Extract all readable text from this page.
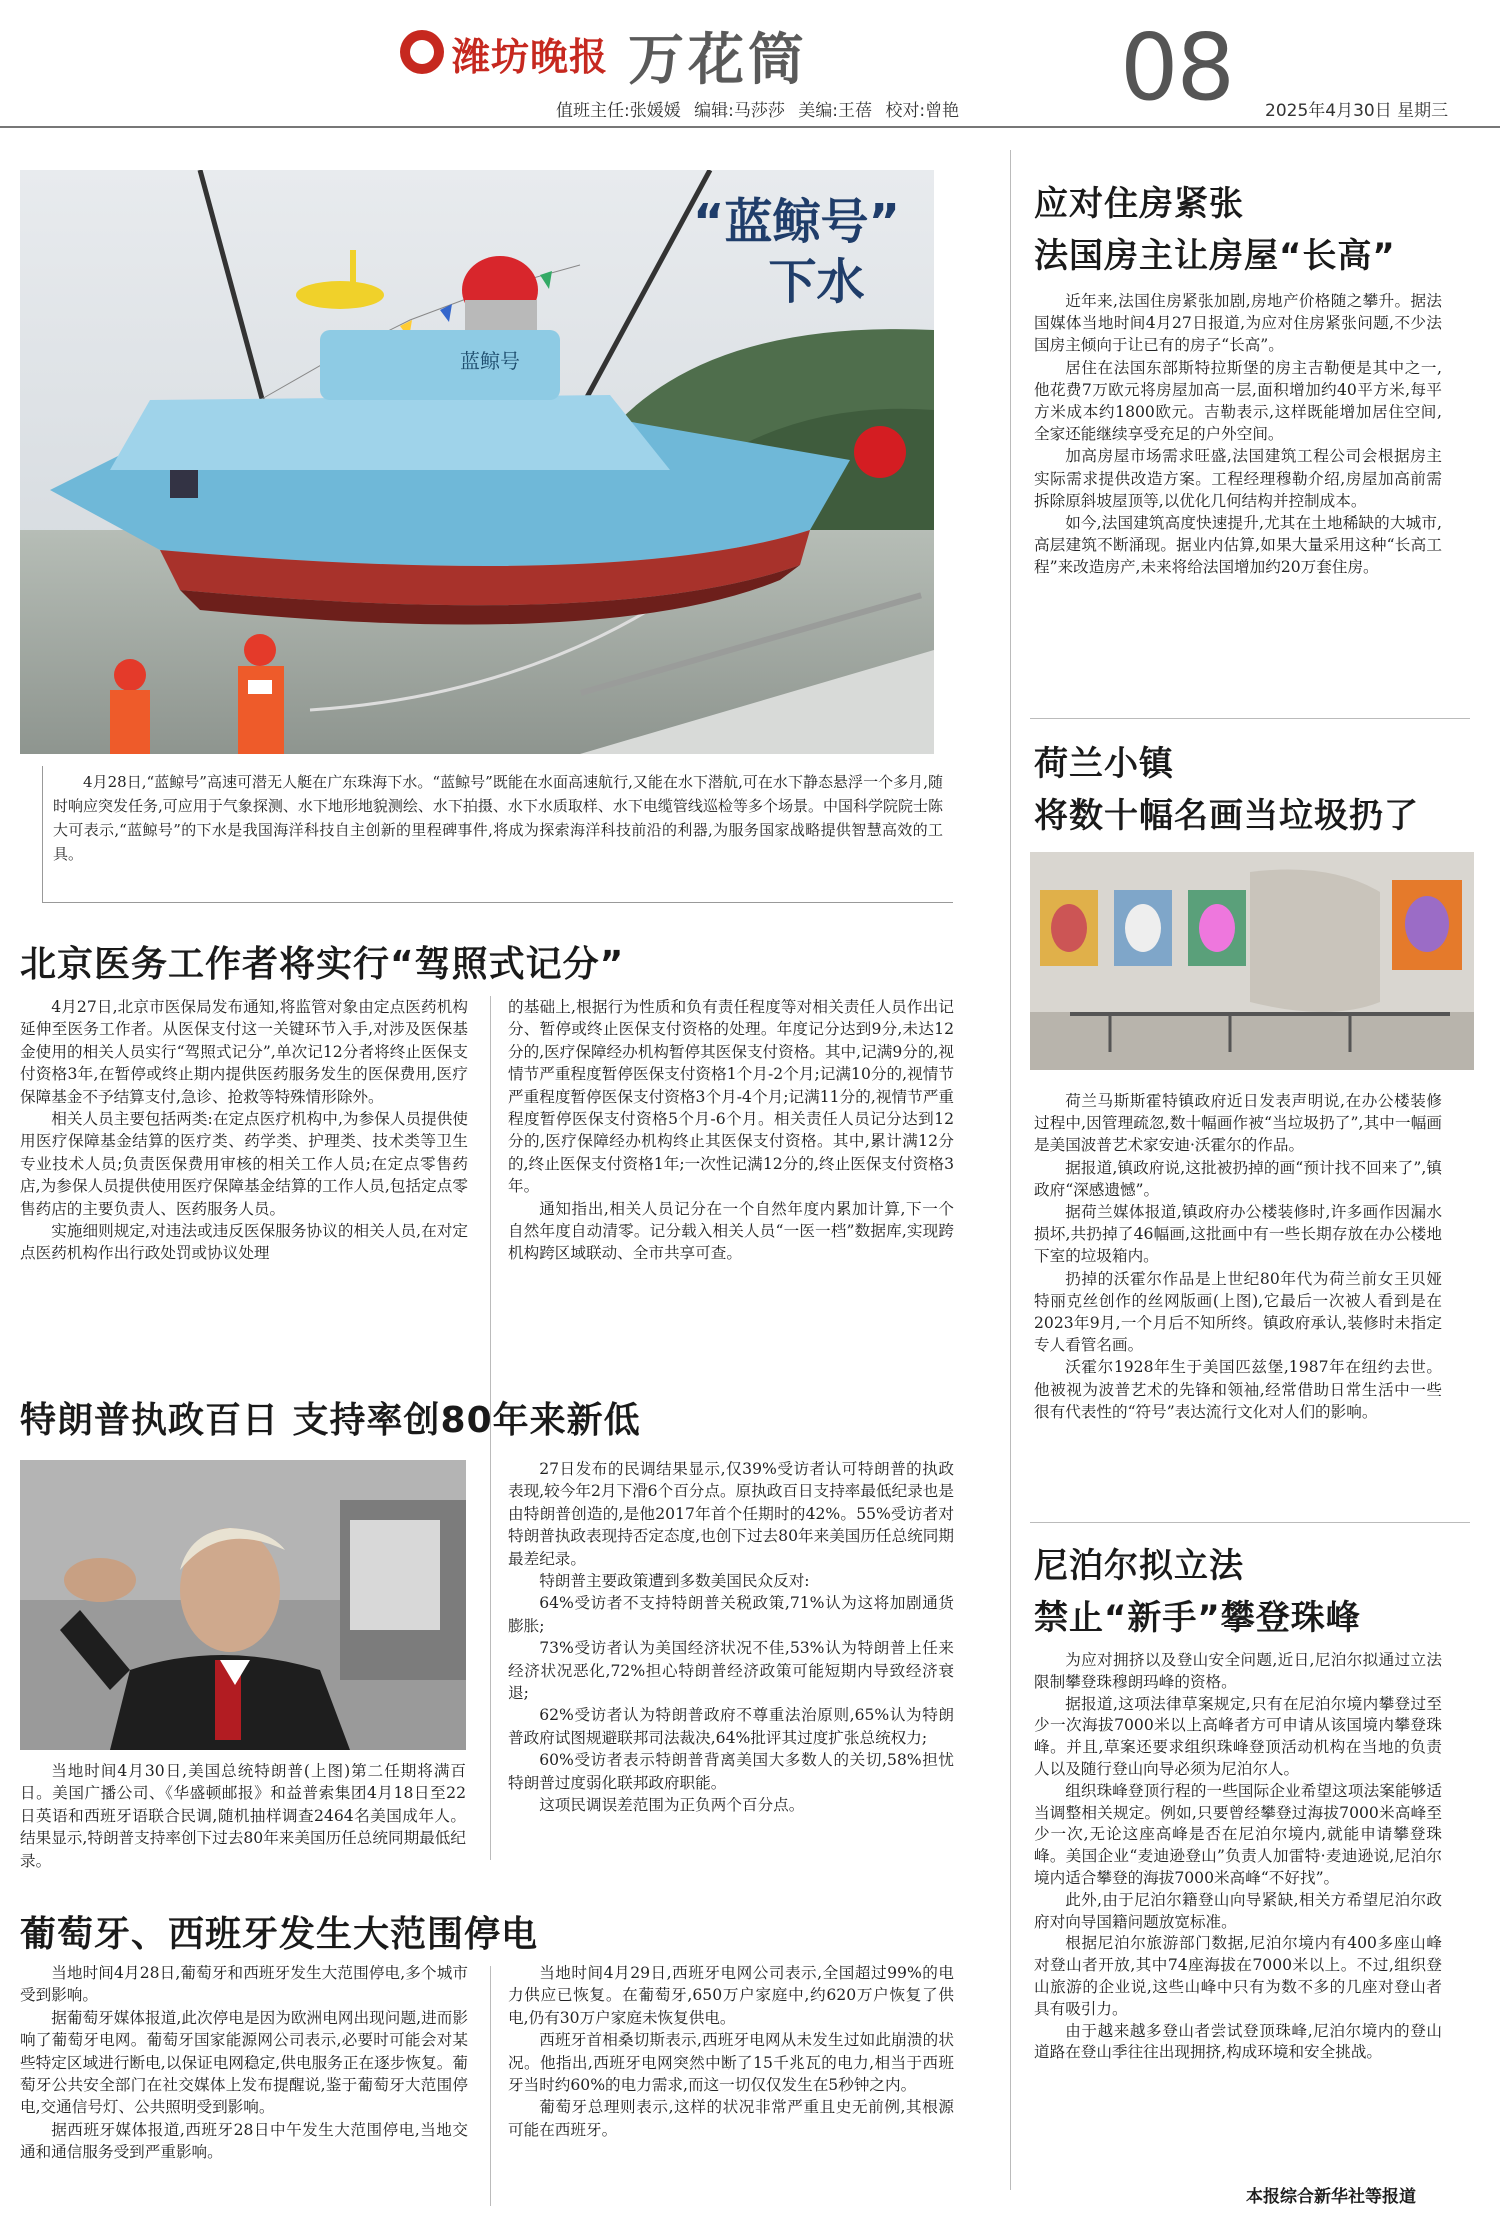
潍坊晚报 万花筒	08
值班主任:张媛媛 编辑:马莎莎 美编:王蓓 校对:曾艳	2025年4月30日 星期三
蓝鲸号
“蓝鲸号”
下水

4月28日,“蓝鲸号”高速可潜无人艇在广东珠海下水。“蓝鲸号”既能在水面高速航行,又能在水下潜航,可在水下静态悬浮一个多月,随时响应突发任务,可应用于气象探测、水下地形地貌测绘、水下拍摄、水下水质取样、水下电缆管线巡检等多个场景。中国科学院院士陈大可表示,“蓝鲸号”的下水是我国海洋科技自主创新的里程碑事件,将成为探索海洋科技前沿的利器,为服务国家战略提供智慧高效的工具。

北京医务工作者将实行“驾照式记分”

4月27日,北京市医保局发布通知,将监管对象由定点医药机构延伸至医务工作者。从医保支付这一关键环节入手,对涉及医保基金使用的相关人员实行“驾照式记分”,单次记12分者将终止医保支付资格3年,在暂停或终止期内提供医药服务发生的医保费用,医疗保障基金不予结算支付,急诊、抢救等特殊情形除外。

相关人员主要包括两类:在定点医疗机构中,为参保人员提供使用医疗保障基金结算的医疗类、药学类、护理类、技术类等卫生专业技术人员;负责医保费用审核的相关工作人员;在定点零售药店,为参保人员提供使用医疗保障基金结算的工作人员,包括定点零售药店的主要负责人、医药服务人员。

实施细则规定,对违法或违反医保服务协议的相关人员,在对定点医药机构作出行政处罚或协议处理

的基础上,根据行为性质和负有责任程度等对相关责任人员作出记分、暂停或终止医保支付资格的处理。年度记分达到9分,未达12分的,医疗保障经办机构暂停其医保支付资格。其中,记满9分的,视情节严重程度暂停医保支付资格1个月-2个月;记满10分的,视情节严重程度暂停医保支付资格3个月-4个月;记满11分的,视情节严重程度暂停医保支付资格5个月-6个月。相关责任人员记分达到12分的,医疗保障经办机构终止其医保支付资格。其中,累计满12分的,终止医保支付资格1年;一次性记满12分的,终止医保支付资格3年。

通知指出,相关人员记分在一个自然年度内累加计算,下一个自然年度自动清零。记分载入相关人员“一医一档”数据库,实现跨机构跨区域联动、全市共享可查。

特朗普执政百日 支持率创80年来新低

当地时间4月30日,美国总统特朗普(上图)第二任期将满百日。美国广播公司、《华盛顿邮报》和益普索集团4月18日至22日英语和西班牙语联合民调,随机抽样调查2464名美国成年人。结果显示,特朗普支持率创下过去80年来美国历任总统同期最低纪录。

27日发布的民调结果显示,仅39%受访者认可特朗普的执政表现,较今年2月下滑6个百分点。原执政百日支持率最低纪录也是由特朗普创造的,是他2017年首个任期时的42%。55%受访者对特朗普执政表现持否定态度,也创下过去80年来美国历任总统同期最差纪录。

特朗普主要政策遭到多数美国民众反对:

64%受访者不支持特朗普关税政策,71%认为这将加剧通货膨胀;

73%受访者认为美国经济状况不佳,53%认为特朗普上任来经济状况恶化,72%担心特朗普经济政策可能短期内导致经济衰退;

62%受访者认为特朗普政府不尊重法治原则,65%认为特朗普政府试图规避联邦司法裁决,64%批评其过度扩张总统权力;

60%受访者表示特朗普背离美国大多数人的关切,58%担忧特朗普过度弱化联邦政府职能。

这项民调误差范围为正负两个百分点。

葡萄牙、西班牙发生大范围停电

当地时间4月28日,葡萄牙和西班牙发生大范围停电,多个城市受到影响。

据葡萄牙媒体报道,此次停电是因为欧洲电网出现问题,进而影响了葡萄牙电网。葡萄牙国家能源网公司表示,必要时可能会对某些特定区域进行断电,以保证电网稳定,供电服务正在逐步恢复。葡萄牙公共安全部门在社交媒体上发布提醒说,鉴于葡萄牙大范围停电,交通信号灯、公共照明受到影响。

据西班牙媒体报道,西班牙28日中午发生大范围停电,当地交通和通信服务受到严重影响。

当地时间4月29日,西班牙电网公司表示,全国超过99%的电力供应已恢复。在葡萄牙,650万户家庭中,约620万户恢复了供电,仍有30万户家庭未恢复供电。

西班牙首相桑切斯表示,西班牙电网从未发生过如此崩溃的状况。他指出,西班牙电网突然中断了15千兆瓦的电力,相当于西班牙当时约60%的电力需求,而这一切仅仅发生在5秒钟之内。

葡萄牙总理则表示,这样的状况非常严重且史无前例,其根源可能在西班牙。

应对住房紧张
法国房主让房屋“长高”

近年来,法国住房紧张加剧,房地产价格随之攀升。据法国媒体当地时间4月27日报道,为应对住房紧张问题,不少法国房主倾向于让已有的房子“长高”。

居住在法国东部斯特拉斯堡的房主吉勒便是其中之一,他花费7万欧元将房屋加高一层,面积增加约40平方米,每平方米成本约1800欧元。吉勒表示,这样既能增加居住空间,全家还能继续享受充足的户外空间。

加高房屋市场需求旺盛,法国建筑工程公司会根据房主实际需求提供改造方案。工程经理穆勒介绍,房屋加高前需拆除原斜坡屋顶等,以优化几何结构并控制成本。

如今,法国建筑高度快速提升,尤其在土地稀缺的大城市,高层建筑不断涌现。据业内估算,如果大量采用这种“长高工程”来改造房产,未来将给法国增加约20万套住房。

荷兰小镇
将数十幅名画当垃圾扔了

荷兰马斯斯霍特镇政府近日发表声明说,在办公楼装修过程中,因管理疏忽,数十幅画作被“当垃圾扔了”,其中一幅画是美国波普艺术家安迪·沃霍尔的作品。

据报道,镇政府说,这批被扔掉的画“预计找不回来了”,镇政府“深感遗憾”。

据荷兰媒体报道,镇政府办公楼装修时,许多画作因漏水损坏,共扔掉了46幅画,这批画中有一些长期存放在办公楼地下室的垃圾箱内。

扔掉的沃霍尔作品是上世纪80年代为荷兰前女王贝娅特丽克丝创作的丝网版画(上图),它最后一次被人看到是在2023年9月,一个月后不知所终。镇政府承认,装修时未指定专人看管名画。

沃霍尔1928年生于美国匹兹堡,1987年在纽约去世。他被视为波普艺术的先锋和领袖,经常借助日常生活中一些很有代表性的“符号”表达流行文化对人们的影响。

尼泊尔拟立法
禁止“新手”攀登珠峰

为应对拥挤以及登山安全问题,近日,尼泊尔拟通过立法限制攀登珠穆朗玛峰的资格。

据报道,这项法律草案规定,只有在尼泊尔境内攀登过至少一次海拔7000米以上高峰者方可申请从该国境内攀登珠峰。并且,草案还要求组织珠峰登顶活动机构在当地的负责人以及随行登山向导必须为尼泊尔人。

组织珠峰登顶行程的一些国际企业希望这项法案能够适当调整相关规定。例如,只要曾经攀登过海拔7000米高峰至少一次,无论这座高峰是否在尼泊尔境内,就能申请攀登珠峰。美国企业“麦迪逊登山”负责人加雷特·麦迪逊说,尼泊尔境内适合攀登的海拔7000米高峰“不好找”。

此外,由于尼泊尔籍登山向导紧缺,相关方希望尼泊尔政府对向导国籍问题放宽标准。

根据尼泊尔旅游部门数据,尼泊尔境内有400多座山峰对登山者开放,其中74座海拔在7000米以上。不过,组织登山旅游的企业说,这些山峰中只有为数不多的几座对登山者具有吸引力。

由于越来越多登山者尝试登顶珠峰,尼泊尔境内的登山道路在登山季往往出现拥挤,构成环境和安全挑战。

本报综合新华社等报道
